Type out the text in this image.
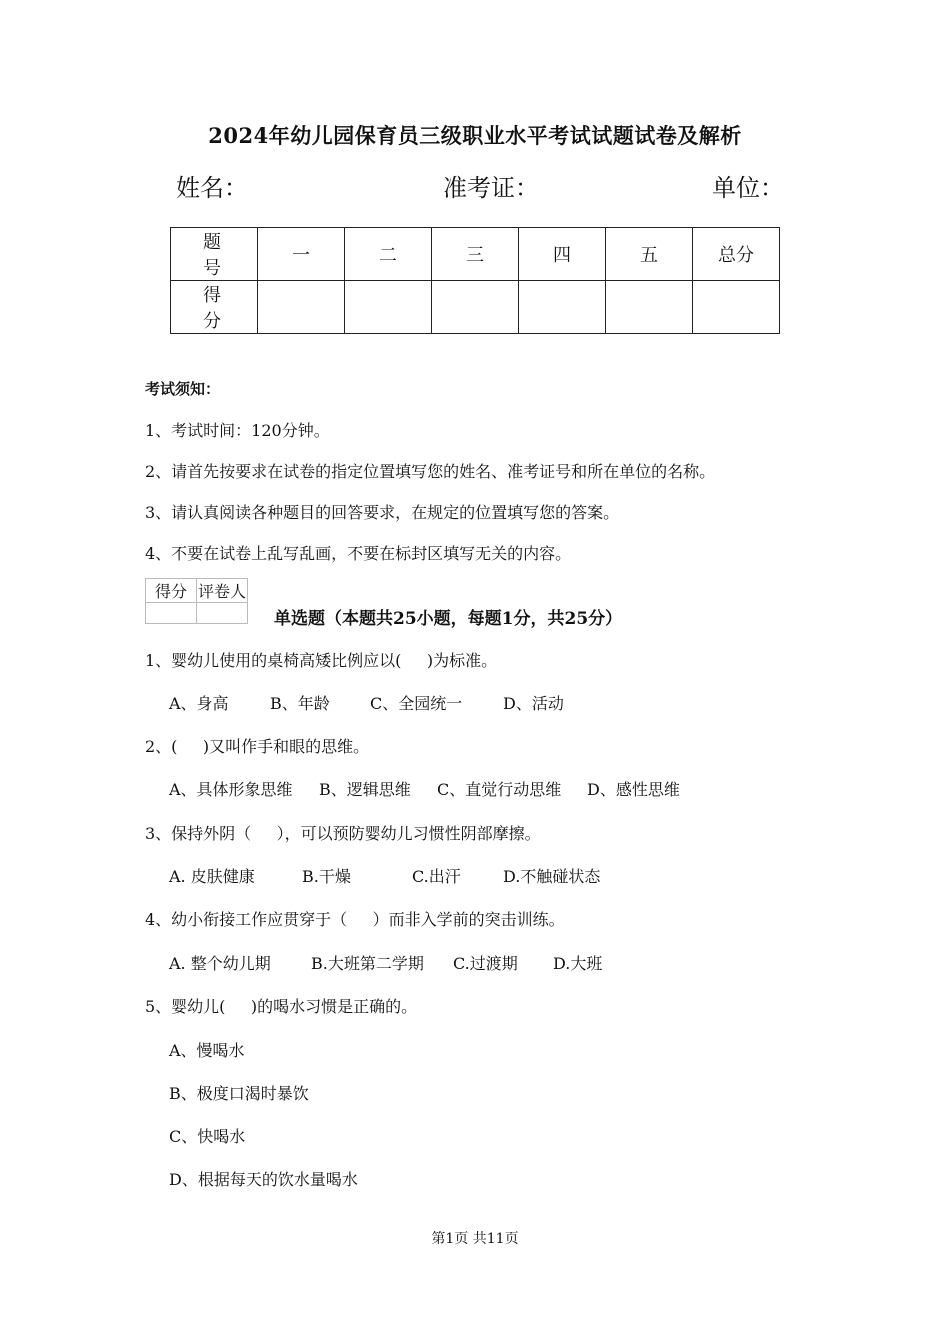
2024年幼儿园保育员三级职业水平考试试题试卷及解析
姓名：	准考证：	单位：
题 号	一	二	三	四	五	总分
得 分						
考试须知：
1、考试时间：120分钟。
2、请首先按要求在试卷的指定位置填写您的姓名、准考证号和所在单位的名称。
3、请认真阅读各种题目的回答要求，在规定的位置填写您的答案。
4、不要在试卷上乱写乱画，不要在标封区填写无关的内容。
得分	评卷人

单选题（本题共25小题，每题1分，共25分）
1、婴幼儿使用的桌椅高矮比例应以(     )为标准。
A、身高	B、年龄	C、全园统一	D、活动
2、(     )又叫作手和眼的思维。
A、具体形象思维 B、逻辑思维 C、直觉行动思维 D、感性思维
3、保持外阴（     ），可以预防婴幼儿习惯性阴部摩擦。
A. 皮肤健康	B.干燥	C.出汗	D.不触碰状态
4、幼小衔接工作应贯穿于（     ）而非入学前的突击训练。
A. 整个幼儿期	B.大班第二学期 C.过渡期 D.大班
5、婴幼儿(     )的喝水习惯是正确的。
A、慢喝水
B、极度口渴时暴饮
C、快喝水
D、根据每天的饮水量喝水
第1页 共11页
